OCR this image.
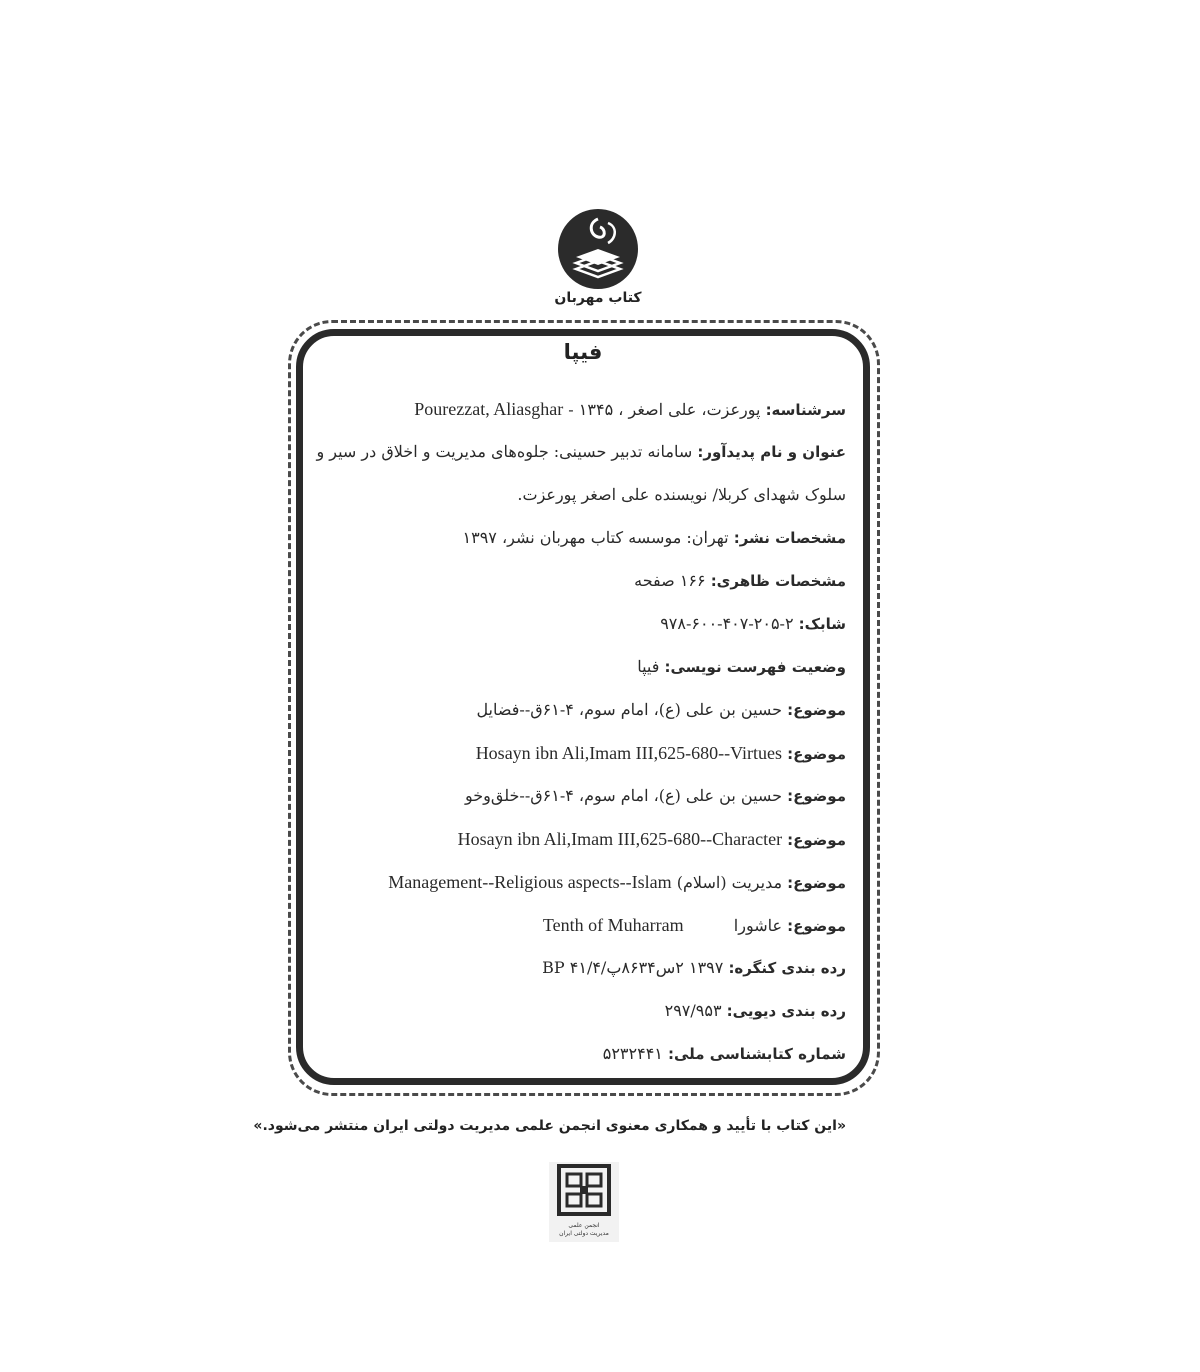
کتاب مهربان
فیپا
سرشناسه: پورعزت، علی اصغر ، ۱۳۴۵ - Pourezzat, Aliasghar
عنوان و نام پدیدآور: سامانه تدبیر حسینی: جلوه‌های مدیریت و اخلاق در سیر و
سلوک شهدای کربلا/ نویسنده علی اصغر پورعزت.
مشخصات نشر: تهران: موسسه کتاب مهربان نشر، ۱۳۹۷
مشخصات ظاهری: ۱۶۶ صفحه
شابک: ۲-۲۰۵-۴۰۷-۶۰۰-۹۷۸
وضعیت فهرست نویسی: فیپا
موضوع: حسین بن علی (ع)، امام سوم، ۴-۶۱ق--فضایل
موضوع: Hosayn ibn Ali,Imam III,625-680--Virtues
موضوع: حسین بن علی (ع)، امام سوم، ۴-۶۱ق--خلق‌وخو
موضوع: Hosayn ibn Ali,Imam III,625-680--Character
موضوع: مدیریت (اسلام) Management--Religious aspects--Islam
موضوع: عاشورا  Tenth of Muharram
رده بندی کنگره: ۱۳۹۷ ۲س۸۶۳۴پ/۴۱/۴ BP
رده بندی دیویی: ۲۹۷/۹۵۳
شماره کتابشناسی ملی: ۵۲۳۲۴۴۱
«این کتاب با تأیید و همکاری معنوی انجمن علمی مدیریت دولتی ایران منتشر می‌شود.»
انجمن علمی
مدیریت دولتی ایران
